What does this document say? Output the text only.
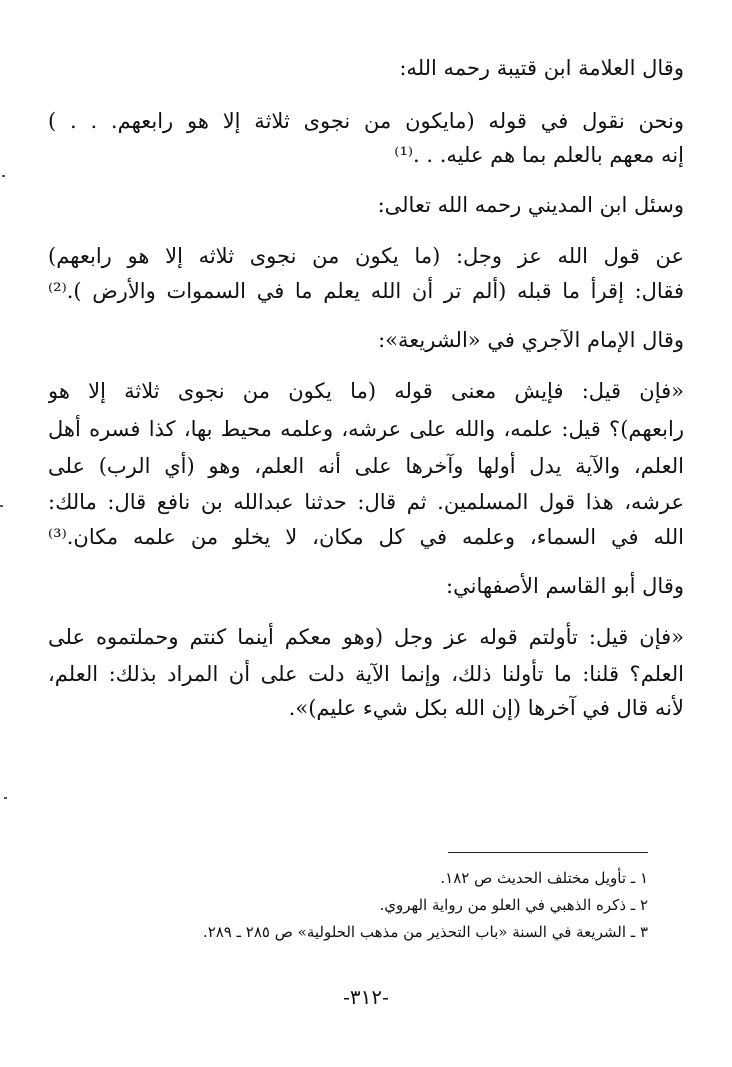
وقال العلامة ابن قتيبة رحمه الله:
ونحن نقول في قوله (مايكون من نجوى ثلاثة إلا هو رابعهم. . . )
إنه معهم بالعلم بما هم عليه. . .⁽¹⁾
وسئل ابن المديني رحمه الله تعالى:
عن قول الله عز وجل: (ما يكون من نجوى ثلاثه إلا هو رابعهم)
فقال: إقرأ ما قبله (ألم تر أن الله يعلم ما في السموات والأرض ).⁽²⁾
وقال الإمام الآجري في «الشريعة»:
«فإن قيل: فإيش معنى قوله (ما يكون من نجوى ثلاثة إلا هو
رابعهم)؟ قيل: علمه، والله على عرشه، وعلمه محيط بها، كذا فسره أهل
العلم، والآية يدل أولها وآخرها على أنه العلم، وهو (أي الرب) على
عرشه، هذا قول المسلمين. ثم قال: حدثنا عبدالله بن نافع قال: مالك:
الله في السماء، وعلمه في كل مكان، لا يخلو من علمه مكان.⁽³⁾
وقال أبو القاسم الأصفهاني:
«فإن قيل: تأولتم قوله عز وجل (وهو معكم أينما كنتم وحملتموه على
العلم؟ قلنا: ما تأولنا ذلك، وإنما الآية دلت على أن المراد بذلك: العلم،
لأنه قال في آخرها (إن الله بكل شيء عليم)».
١ ـ تأويل مختلف الحديث ص ١٨٢.
٢ ـ ذكره الذهبي في العلو من رواية الهروي.
٣ ـ الشريعة في السنة «باب التحذير من مذهب الحلولية» ص ٢٨٥ ـ ٢٨٩.
-٣١٢-
